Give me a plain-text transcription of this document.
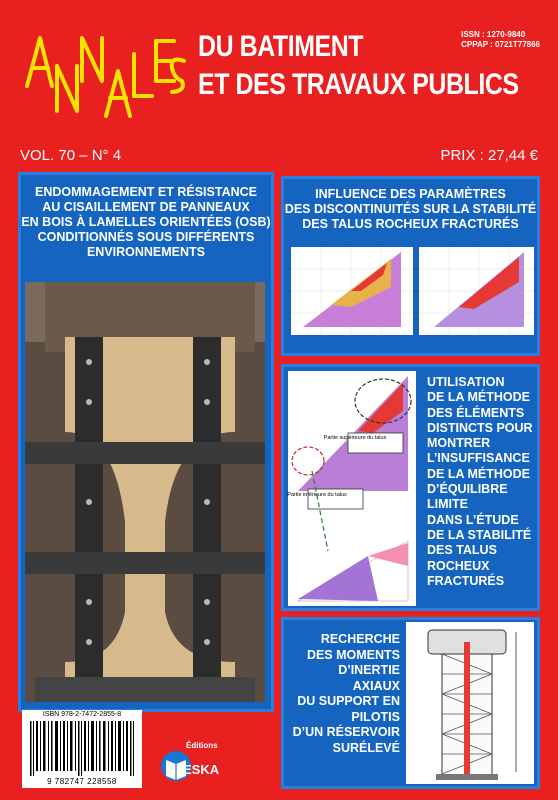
ANNALES
DU BATIMENT
ET DES TRAVAUX PUBLICS
ISSN : 1270-9840
CPPAP : 0721T77866
VOL. 70 – N° 4	PRIX : 27,44 €
ENDOMMAGEMENT ET RÉSISTANCE
AU CISAILLEMENT DE PANNEAUX
EN BOIS À LAMELLES ORIENTÉES (OSB)
CONDITIONNÉS SOUS DIFFÉRENTS
ENVIRONNEMENTS
INFLUENCE DES PARAMÈTRES
DES DISCONTINUITÉS SUR LA STABILITÉ
DES TALUS ROCHEUX FRACTURÉS
Partie supérieure du talus
Partie inférieure du talus
UTILISATION
DE LA MÉTHODE
DES ÉLÉMENTS
DISTINCTS POUR
MONTRER
L’INSUFFISANCE
DE LA MÉTHODE
D’ÉQUILIBRE LIMITE
DANS L’ÉTUDE
DE LA STABILITÉ
DES TALUS ROCHEUX
FRACTURÉS
RECHERCHE
DES MOMENTS
D’INERTIE AXIAUX
DU SUPPORT EN PILOTIS
D’UN RÉSERVOIR
SURÉLEVÉ
ISBN 978-2-7472-2855-8
9 782747 228558
Éditions
ESKA
